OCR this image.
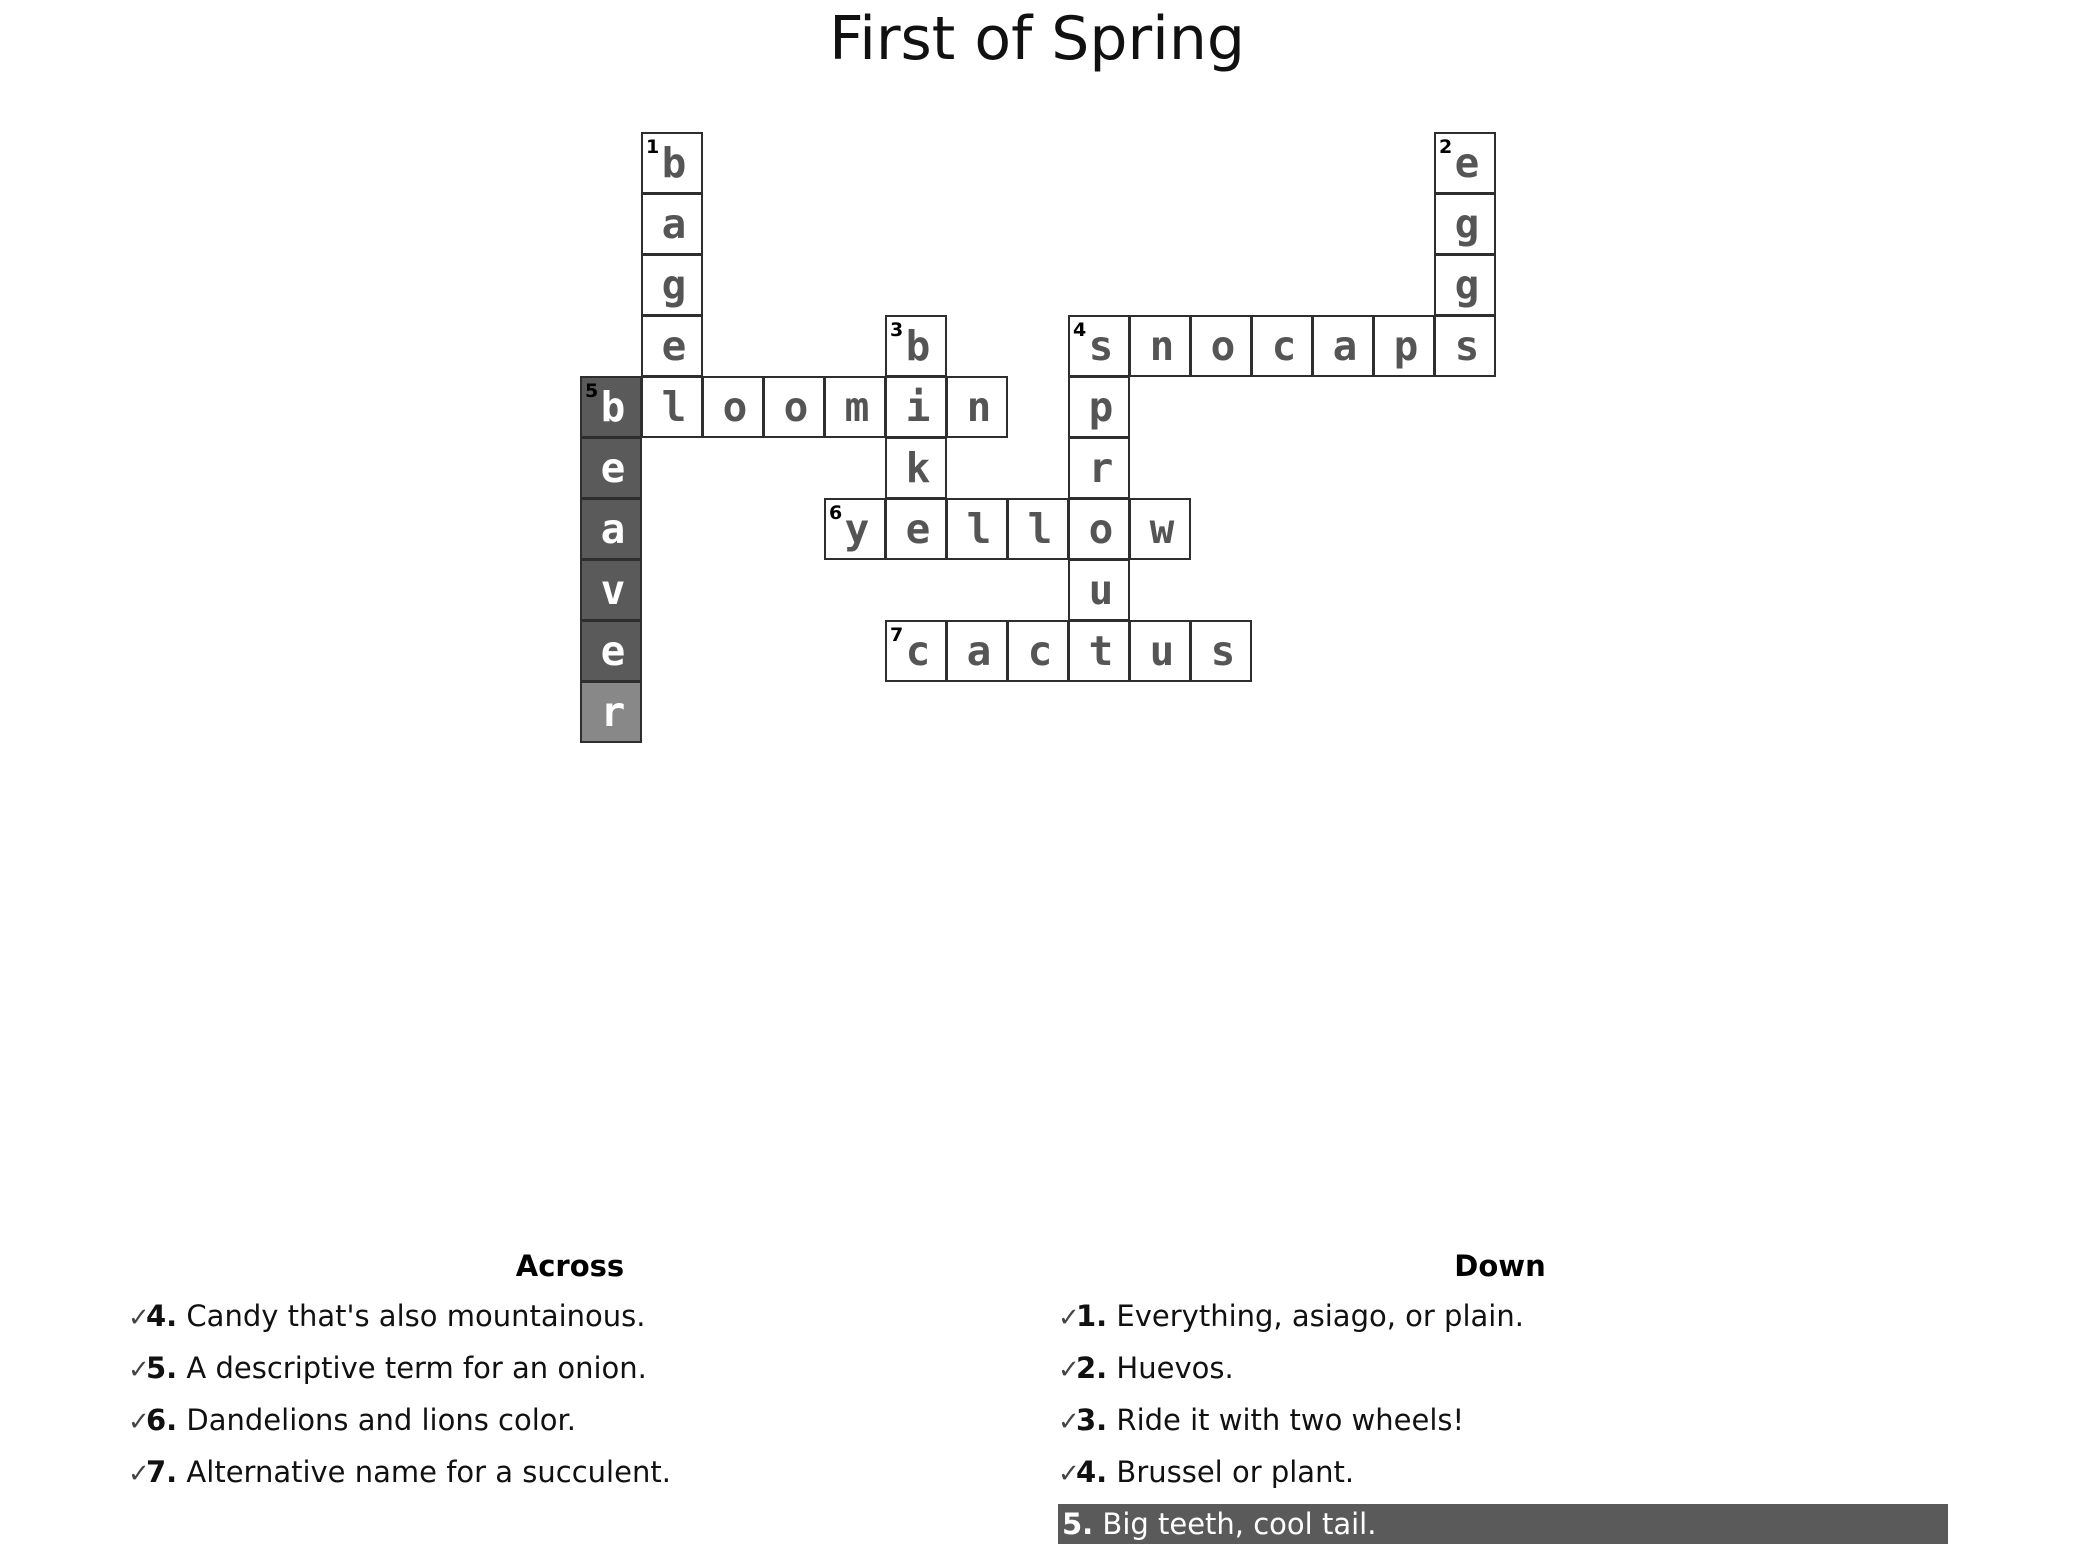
First of Spring
1 b
a
g
e
l
2 e
g
g
s
3 b	4 s n o c a p
5 b	o o m i n	p
e	k	r
a	6 y e l l o w
v	u
e	7 c a c t u s
r
Across
✓4. Candy that's also mountainous.
✓5. A descriptive term for an onion.
✓6. Dandelions and lions color.
✓7. Alternative name for a succulent.
Down
✓1. Everything, asiago, or plain.
✓2. Huevos.
✓3. Ride it with two wheels!
✓4. Brussel or plant.
5. Big teeth, cool tail.
